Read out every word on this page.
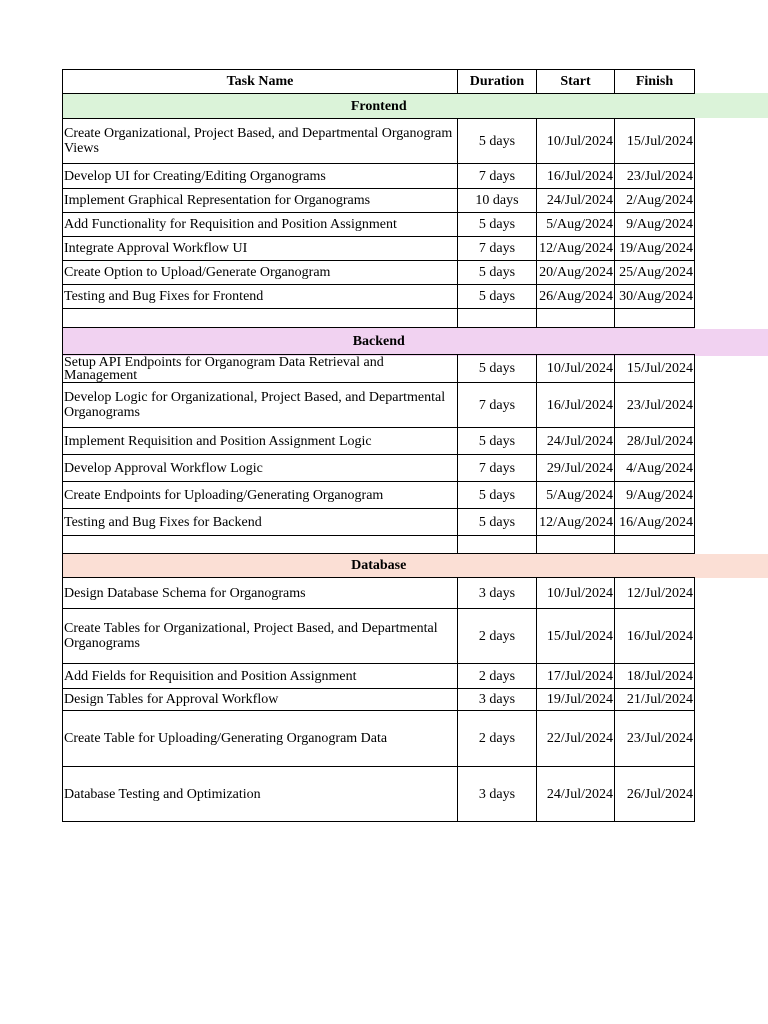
Task Name	Duration	Start	Finish
Frontend			
Create Organizational, Project Based, and Departmental Organogram Views	5 days	10/Jul/2024	15/Jul/2024
Develop UI for Creating/Editing Organograms	7 days	16/Jul/2024	23/Jul/2024
Implement Graphical Representation for Organograms	10 days	24/Jul/2024	2/Aug/2024
Add Functionality for Requisition and Position Assignment	5 days	5/Aug/2024	9/Aug/2024
Integrate Approval Workflow UI	7 days	12/Aug/2024	19/Aug/2024
Create Option to Upload/Generate Organogram	5 days	20/Aug/2024	25/Aug/2024
Testing and Bug Fixes for Frontend	5 days	26/Aug/2024	30/Aug/2024

Backend			
Setup API Endpoints for Organogram Data Retrieval and Management	5 days	10/Jul/2024	15/Jul/2024
Develop Logic for Organizational, Project Based, and Departmental Organograms	7 days	16/Jul/2024	23/Jul/2024
Implement Requisition and Position Assignment Logic	5 days	24/Jul/2024	28/Jul/2024
Develop Approval Workflow Logic	7 days	29/Jul/2024	4/Aug/2024
Create Endpoints for Uploading/Generating Organogram	5 days	5/Aug/2024	9/Aug/2024
Testing and Bug Fixes for Backend	5 days	12/Aug/2024	16/Aug/2024

Database			
Design Database Schema for Organograms	3 days	10/Jul/2024	12/Jul/2024
Create Tables for Organizational, Project Based, and Departmental Organograms	2 days	15/Jul/2024	16/Jul/2024
Add Fields for Requisition and Position Assignment	2 days	17/Jul/2024	18/Jul/2024
Design Tables for Approval Workflow	3 days	19/Jul/2024	21/Jul/2024
Create Table for Uploading/Generating Organogram Data	2 days	22/Jul/2024	23/Jul/2024
Database Testing and Optimization	3 days	24/Jul/2024	26/Jul/2024
